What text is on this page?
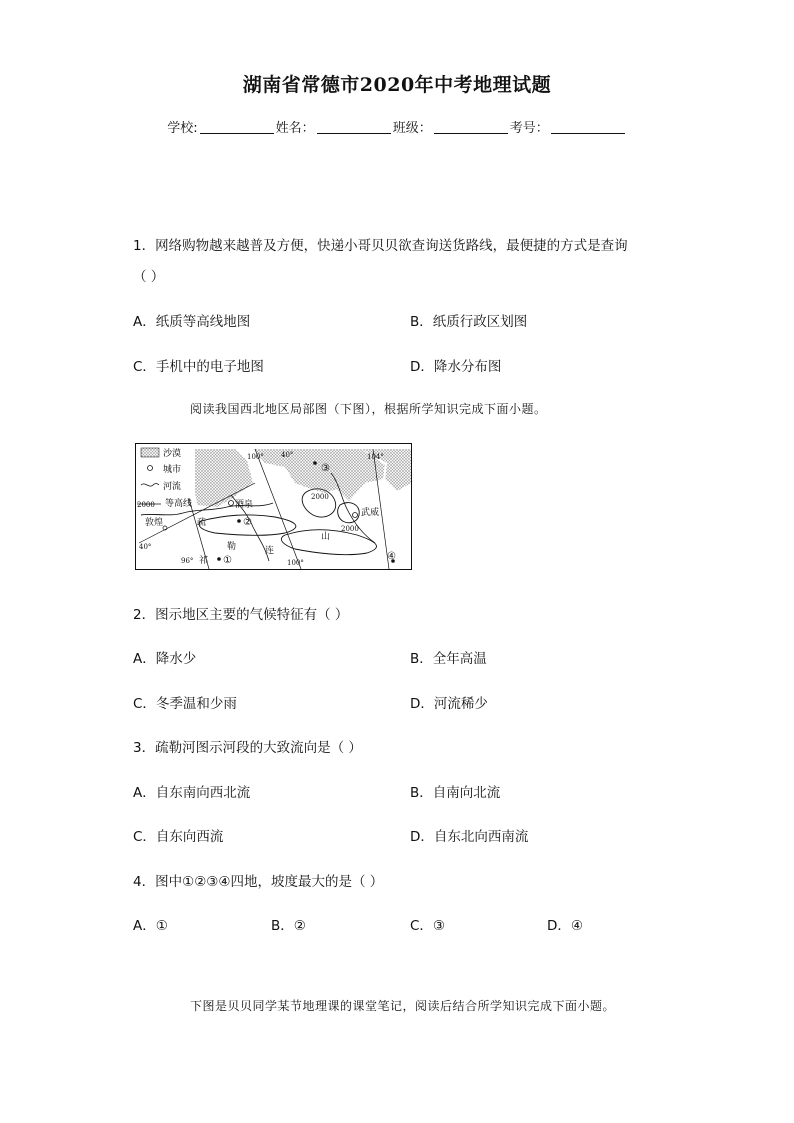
湖南省常德市2020年中考地理试题
学校:	姓名：	班级：	考号：
1．网络购物越来越普及方便，快递小哥贝贝欲查询送货路线，最便捷的方式是查询
（ ）
A．纸质等高线地图	B．纸质行政区划图
C．手机中的电子地图	D．降水分布图
阅读我国西北地区局部图（下图），根据所学知识完成下面小题。
沙漠
城市
河流
2000 等高线
100° 40°	104°
③
2000
酒泉
武威
②
敦煌	疏
2000
山
40°	勒	连	④
96° 祁 ①	100°
2．图示地区主要的气候特征有（ ）
A．降水少	B．全年高温
C．冬季温和少雨	D．河流稀少
3．疏勒河图示河段的大致流向是（ ）
A．自东南向西北流	B．自南向北流
C．自东向西流	D．自东北向西南流
4．图中①②③④四地，坡度最大的是（ ）
A．①	B．②	C．③	D．④
下图是贝贝同学某节地理课的课堂笔记，阅读后结合所学知识完成下面小题。
